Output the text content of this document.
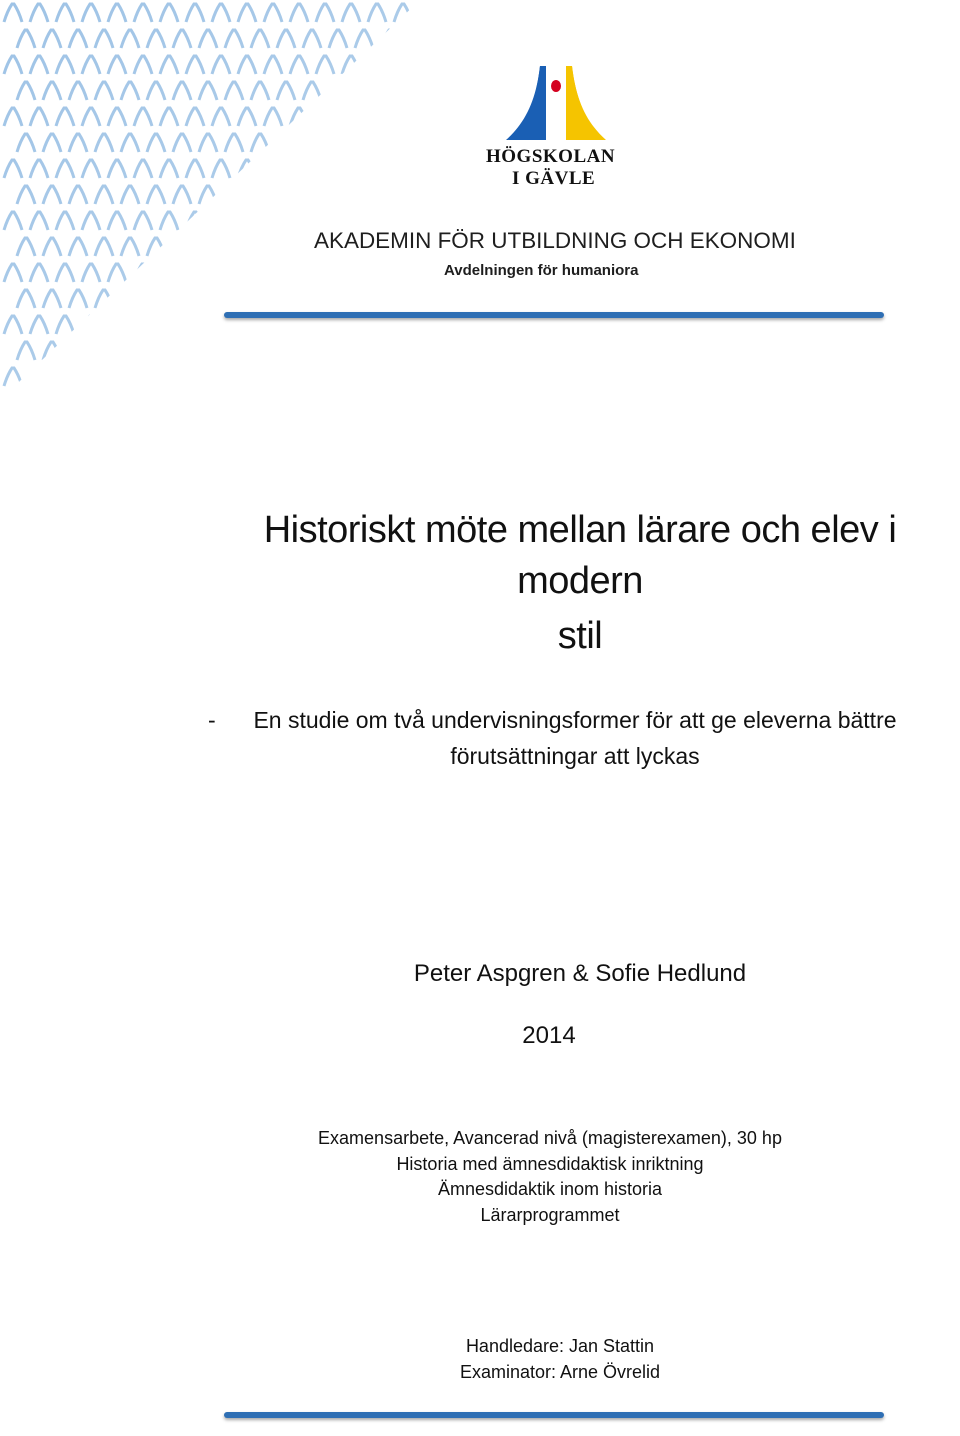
HÖGSKOLAN
I GÄVLE
AKADEMIN FÖR UTBILDNING OCH EKONOMI
Avdelningen för humaniora
Historiskt möte mellan lärare och elev i modern
stil
-	En studie om två undervisningsformer för att ge eleverna bättre
förutsättningar att lyckas
Peter Aspgren & Sofie Hedlund
2014
Examensarbete, Avancerad nivå (magisterexamen), 30 hp
Historia med ämnesdidaktisk inriktning
Ämnesdidaktik inom historia
Lärarprogrammet
Handledare: Jan Stattin
Examinator: Arne Övrelid
